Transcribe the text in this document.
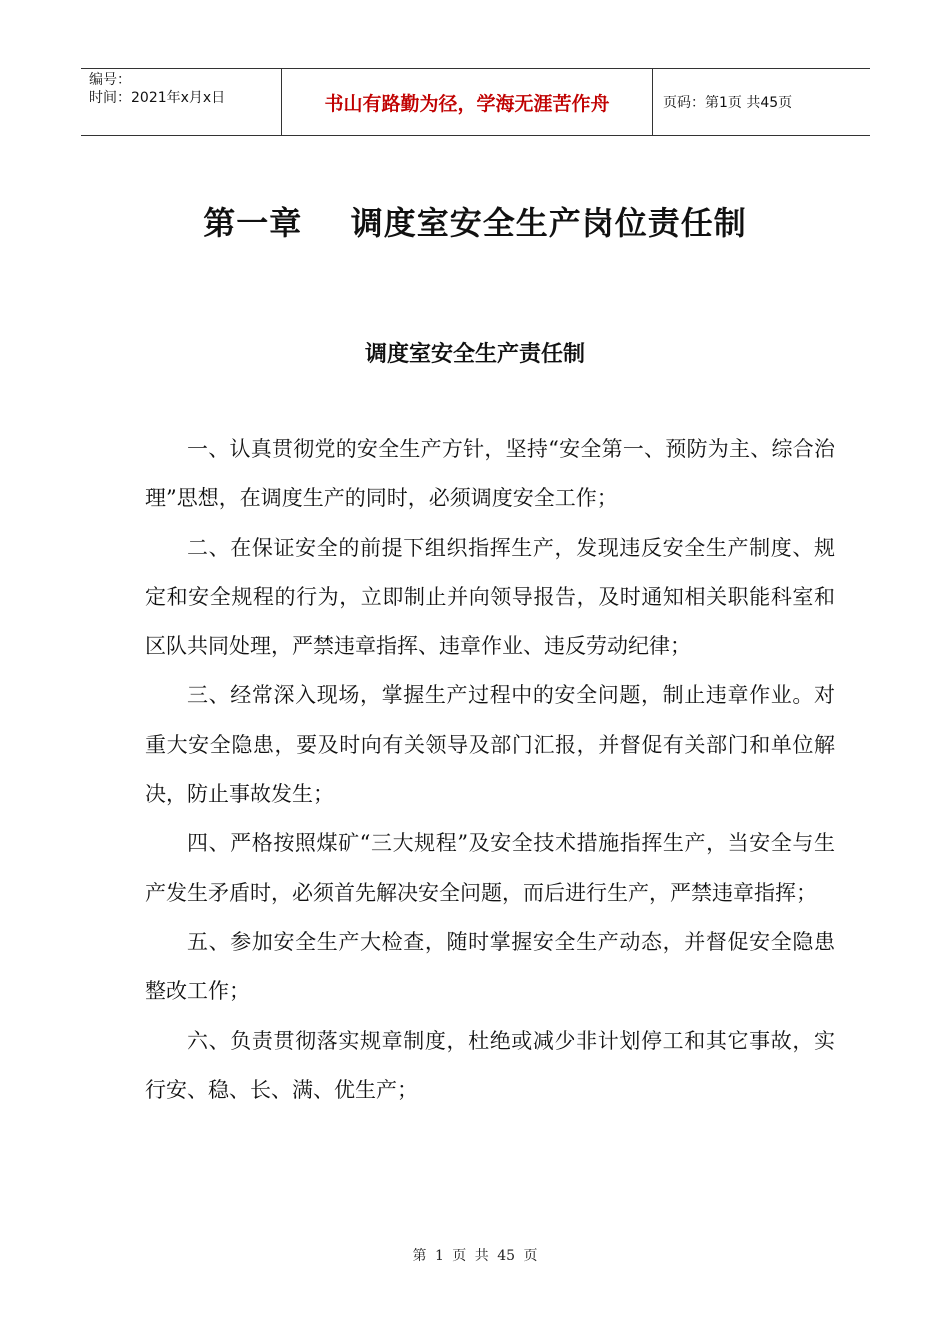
编号：
时间：2021年x月x日	书山有路勤为径，学海无涯苦作舟	页码：第1页 共45页
第一章    调度室安全生产岗位责任制
调度室安全生产责任制

一、认真贯彻党的安全生产方针，坚持“安全第一、预防为主、综合治理”思想，在调度生产的同时，必须调度安全工作；

二、在保证安全的前提下组织指挥生产，发现违反安全生产制度、规定和安全规程的行为，立即制止并向领导报告，及时通知相关职能科室和区队共同处理，严禁违章指挥、违章作业、违反劳动纪律；

三、经常深入现场，掌握生产过程中的安全问题，制止违章作业。对重大安全隐患，要及时向有关领导及部门汇报，并督促有关部门和单位解决，防止事故发生；

四、严格按照煤矿“三大规程”及安全技术措施指挥生产，当安全与生产发生矛盾时，必须首先解决安全问题，而后进行生产，严禁违章指挥；

五、参加安全生产大检查，随时掌握安全生产动态，并督促安全隐患整改工作；

六、负责贯彻落实规章制度，杜绝或减少非计划停工和其它事故，实行安、稳、长、满、优生产；

第 1 页 共 45 页
